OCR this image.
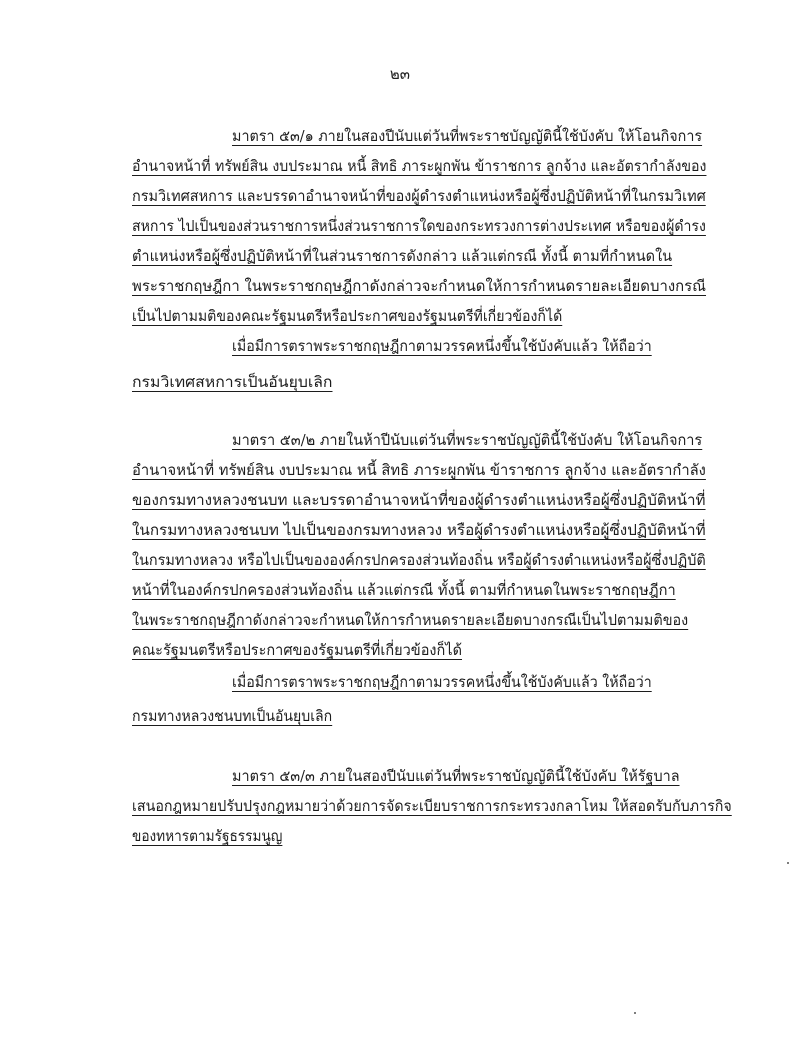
๒๓
มาตรา ๕๓/๑ ภายในสองปีนับแต่วันที่พระราชบัญญัตินี้ใช้บังคับ ให้โอนกิจการ
อำนาจหน้าที่ ทรัพย์สิน งบประมาณ หนี้ สิทธิ ภาระผูกพัน ข้าราชการ ลูกจ้าง และอัตรากำลังของ
กรมวิเทศสหการ และบรรดาอำนาจหน้าที่ของผู้ดำรงตำแหน่งหรือผู้ซึ่งปฏิบัติหน้าที่ในกรมวิเทศ
สหการ ไปเป็นของส่วนราชการหนึ่งส่วนราชการใดของกระทรวงการต่างประเทศ หรือของผู้ดำรง
ตำแหน่งหรือผู้ซึ่งปฏิบัติหน้าที่ในส่วนราชการดังกล่าว แล้วแต่กรณี ทั้งนี้ ตามที่กำหนดใน
พระราชกฤษฎีกา ในพระราชกฤษฎีกาดังกล่าวจะกำหนดให้การกำหนดรายละเอียดบางกรณี
เป็นไปตามมติของคณะรัฐมนตรีหรือประกาศของรัฐมนตรีที่เกี่ยวข้องก็ได้
เมื่อมีการตราพระราชกฤษฎีกาตามวรรคหนึ่งขึ้นใช้บังคับแล้ว ให้ถือว่า
กรมวิเทศสหการเป็นอันยุบเลิก
มาตรา ๕๓/๒ ภายในห้าปีนับแต่วันที่พระราชบัญญัตินี้ใช้บังคับ ให้โอนกิจการ
อำนาจหน้าที่ ทรัพย์สิน งบประมาณ หนี้ สิทธิ ภาระผูกพัน ข้าราชการ ลูกจ้าง และอัตรากำลัง
ของกรมทางหลวงชนบท และบรรดาอำนาจหน้าที่ของผู้ดำรงตำแหน่งหรือผู้ซึ่งปฏิบัติหน้าที่
ในกรมทางหลวงชนบท ไปเป็นของกรมทางหลวง หรือผู้ดำรงตำแหน่งหรือผู้ซึ่งปฏิบัติหน้าที่
ในกรมทางหลวง หรือไปเป็นขององค์กรปกครองส่วนท้องถิ่น หรือผู้ดำรงตำแหน่งหรือผู้ซึ่งปฏิบัติ
หน้าที่ในองค์กรปกครองส่วนท้องถิ่น แล้วแต่กรณี ทั้งนี้ ตามที่กำหนดในพระราชกฤษฎีกา
ในพระราชกฤษฎีกาดังกล่าวจะกำหนดให้การกำหนดรายละเอียดบางกรณีเป็นไปตามมติของ
คณะรัฐมนตรีหรือประกาศของรัฐมนตรีที่เกี่ยวข้องก็ได้
เมื่อมีการตราพระราชกฤษฎีกาตามวรรคหนึ่งขึ้นใช้บังคับแล้ว ให้ถือว่า
กรมทางหลวงชนบทเป็นอันยุบเลิก
มาตรา ๕๓/๓ ภายในสองปีนับแต่วันที่พระราชบัญญัตินี้ใช้บังคับ ให้รัฐบาล
เสนอกฎหมายปรับปรุงกฎหมายว่าด้วยการจัดระเบียบราชการกระทรวงกลาโหม ให้สอดรับกับภารกิจ
ของทหารตามรัฐธรรมนูญ
